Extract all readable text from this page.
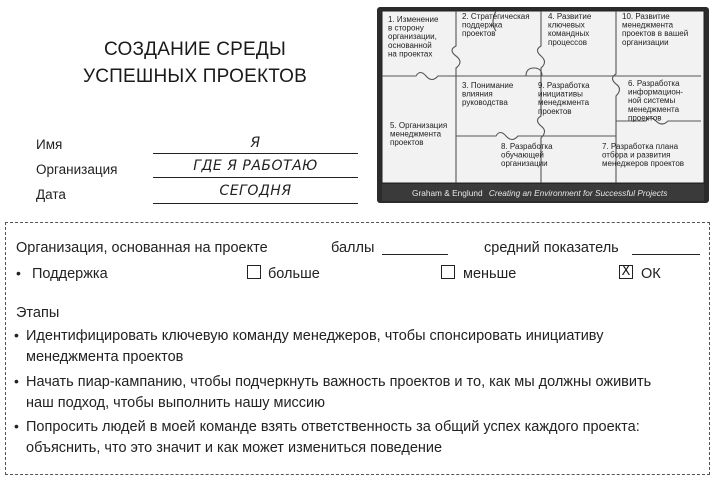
СОЗДАНИЕ СРЕДЫ
УСПЕШНЫХ ПРОЕКТОВ
Имя	Я
Организация	ГДЕ Я РАБОТАЮ
Дата	СЕГОДНЯ	Graham & Englund Creating an Environment for Successful Projects
1. Изменение в сторону организации, основанной на проектах
2. Стратегическая поддержка проектов
4. Развитие ключевых командных процессов
10. Развитие менеджмента проектов в вашей организации
3. Понимание влияния руководства
9. Разработка инициативы менеджмента проектов
6. Разработка информацион-ной системы менеджмента проектов
5. Организация менеджмента проектов	8. Разработка обучающей организации
7. Разработка плана отбора и развития менеджеров проектов
Организация, основанная на проекте	баллы	средний показатель
• Поддержка	больше	меньше	X ОК
Этапы
• Идентифицировать ключевую команду менеджеров, чтобы спонсировать инициативу
менеджмента проектов
• Начать пиар-кампанию, чтобы подчеркнуть важность проектов и то, как мы должны оживить
наш подход, чтобы выполнить нашу миссию
• Попросить людей в моей команде взять ответственность за общий успех каждого проекта:
объяснить, что это значит и как может измениться поведение
